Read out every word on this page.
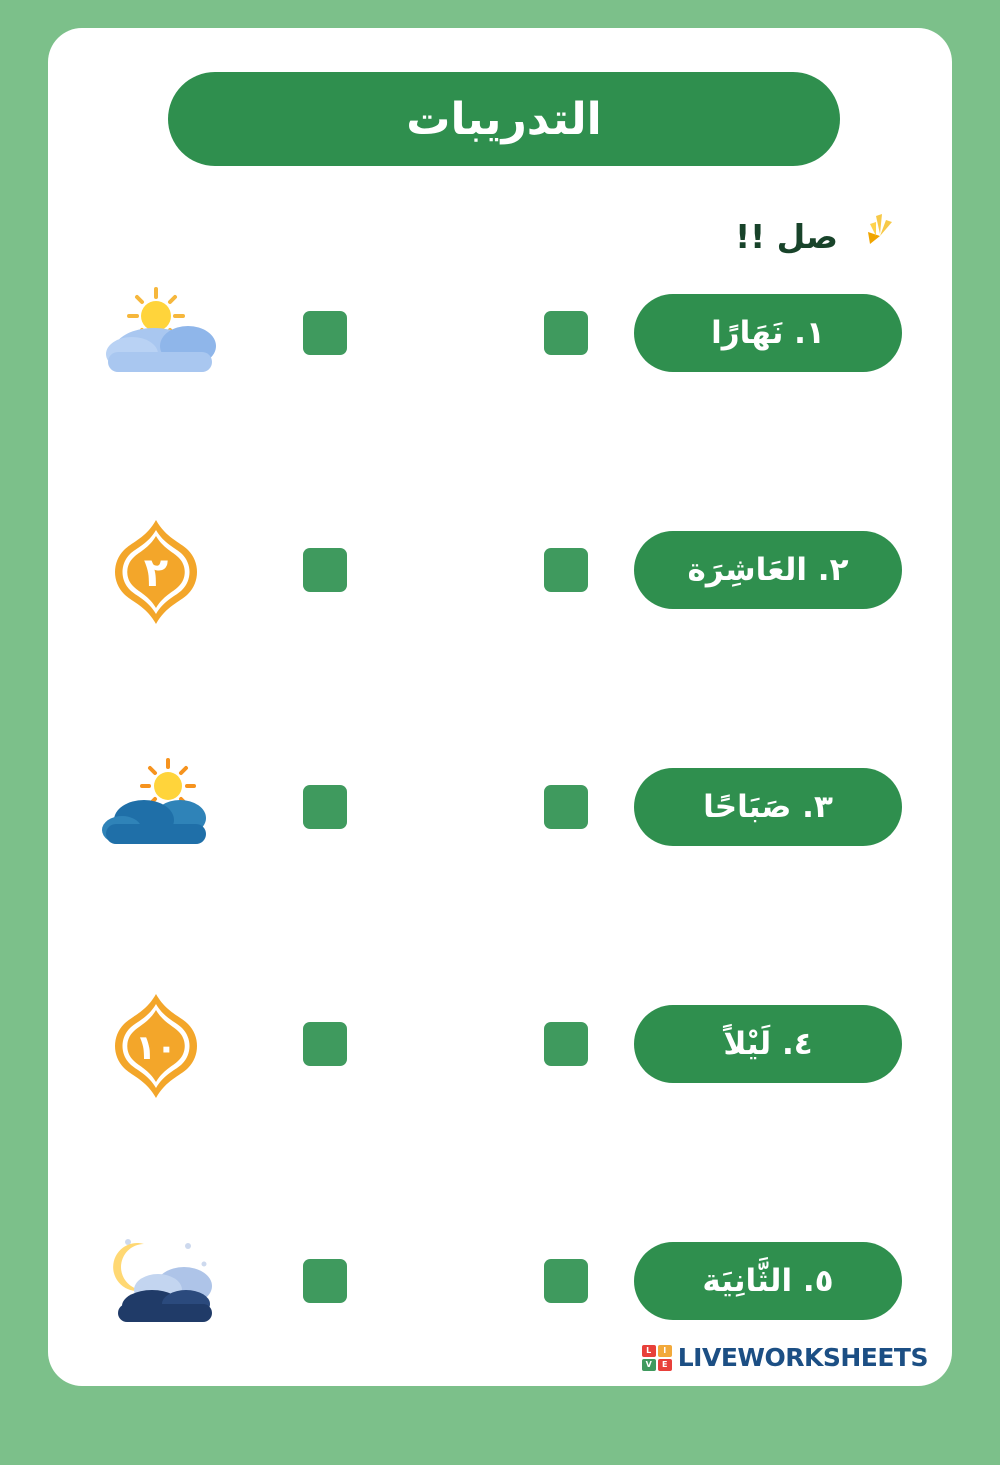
التدريبات
صل !!
١. نَهَارًا
٢. العَاشِرَة
٢
٣. صَبَاحًا
٤. لَيْلاً
١٠
٥. الثَّانِيَة
L	I
V	E LIVEWORKSHEETS
